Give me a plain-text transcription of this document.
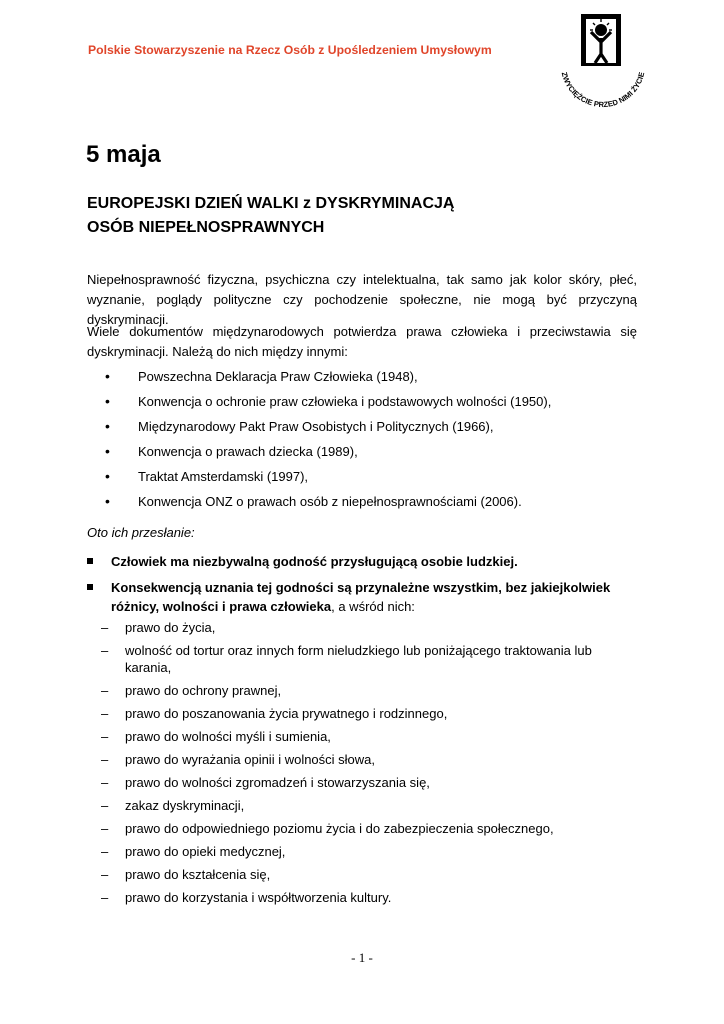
Polskie Stowarzyszenie na Rzecz Osób z Upośledzeniem Umysłowym
ZWYCIĘŻCIE PRZED NIMI ŻYCIE
5 maja
EUROPEJSKI DZIEŃ WALKI z DYSKRYMINACJĄ
OSÓB NIEPEŁNOSPRAWNYCH

Niepełnosprawność fizyczna, psychiczna czy intelektualna, tak samo jak kolor skóry, płeć, wyznanie, poglądy polityczne czy pochodzenie społeczne, nie mogą być przyczyną dyskryminacji.

Wiele dokumentów międzynarodowych potwierdza prawa człowieka i przeciwstawia się dyskryminacji. Należą do nich między innymi:

• Powszechna Deklaracja Praw Człowieka (1948),
• Konwencja o ochronie praw człowieka i podstawowych wolności (1950),
• Międzynarodowy Pakt Praw Osobistych i Politycznych (1966),
• Konwencja o prawach dziecka (1989),
• Traktat Amsterdamski (1997),
• Konwencja ONZ o prawach osób z niepełnosprawnościami (2006).
Oto ich przesłanie:
Człowiek ma niezbywalną godność przysługującą osobie ludzkiej.
Konsekwencją uznania tej godności są przynależne wszystkim, bez jakiejkolwiek różnicy, wolności i prawa człowieka, a wśród nich:
– prawo do życia,
– wolność od tortur oraz innych form nieludzkiego lub poniżającego traktowania lub karania,
– prawo do ochrony prawnej,
– prawo do poszanowania życia prywatnego i rodzinnego,
– prawo do wolności myśli i sumienia,
– prawo do wyrażania opinii i wolności słowa,
– prawo do wolności zgromadzeń i stowarzyszania się,
– zakaz dyskryminacji,
– prawo do odpowiedniego poziomu życia i do zabezpieczenia społecznego,
– prawo do opieki medycznej,
– prawo do kształcenia się,
– prawo do korzystania i współtworzenia kultury.
- 1 -
